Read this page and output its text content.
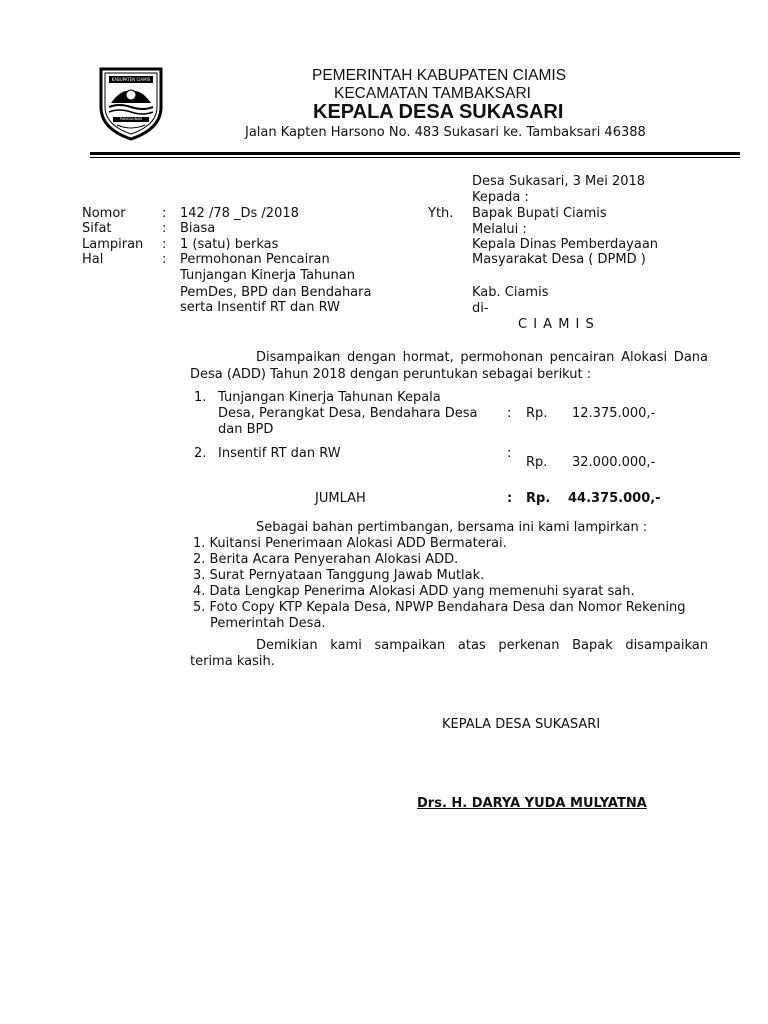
KABUPATEN CIAMIS
PANGAUBAN
PEMERINTAH KABUPATEN CIAMIS
KECAMATAN TAMBAKSARI
KEPALA DESA SUKASARI
Jalan Kapten Harsono No. 483 Sukasari ke. Tambaksari 46388
Desa Sukasari, 3 Mei 2018
Kepada :
Yth. Bapak Bupati Ciamis
Melalui :
Kepala Dinas Pemberdayaan
Masyarakat Desa ( DPMD )
Kab. Ciamis
di-
C I A M I S
Nomor	: 142 /78 _Ds /2018
Sifat	: Biasa
Lampiran : 1 (satu) berkas
Hal	: Permohonan Pencairan
Tunjangan Kinerja Tahunan
PemDes, BPD dan Bendahara
serta Insentif RT dan RW
Disampaikan dengan hormat, permohonan pencairan Alokasi Dana
Desa (ADD) Tahun 2018 dengan peruntukan sebagai berikut :
1. Tunjangan Kinerja Tahunan Kepala
Desa, Perangkat Desa, Bendahara Desa
dan BPD
: Rp. 12.375.000,-
2. Insentif RT dan RW	:
Rp. 32.000.000,-
JUMLAH	: Rp. 44.375.000,-
Sebagai bahan pertimbangan, bersama ini kami lampirkan :
1. Kuitansi Penerimaan Alokasi ADD Bermaterai.
2. Berita Acara Penyerahan Alokasi ADD.
3. Surat Pernyataan Tanggung Jawab Mutlak.
4. Data Lengkap Penerima Alokasi ADD yang memenuhi syarat sah.
5. Foto Copy KTP Kepala Desa, NPWP Bendahara Desa dan Nomor Rekening
Pemerintah Desa.
Demikian kami sampaikan atas perkenan Bapak disampaikan
terima kasih.
KEPALA DESA SUKASARI
Drs. H. DARYA YUDA MULYATNA
